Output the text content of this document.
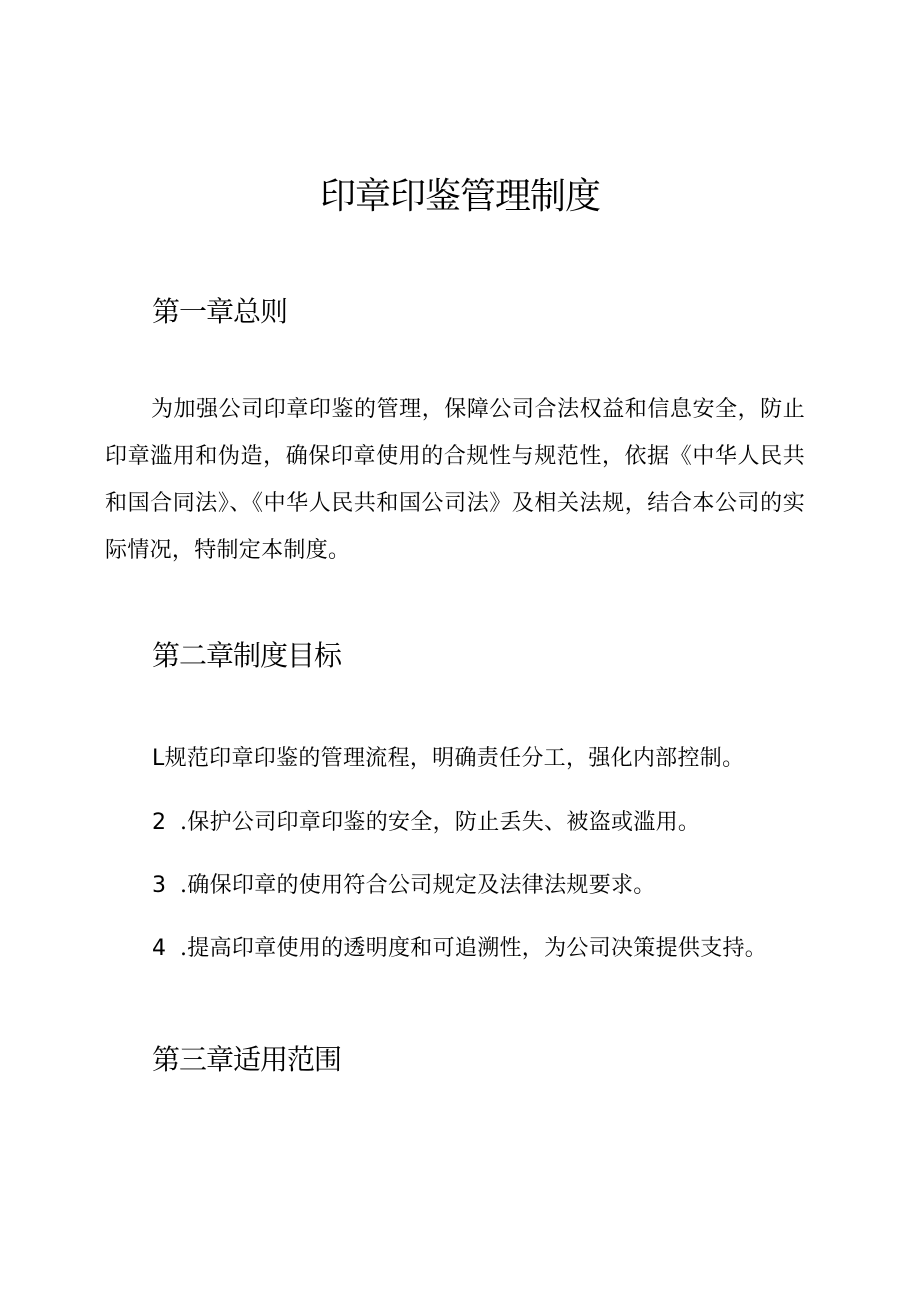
印章印鉴管理制度
第一章总则

为加强公司印章印鉴的管理，保障公司合法权益和信息安全，防止印章滥用和伪造，确保印章使用的合规性与规范性，依据《中华人民共和国合同法》、《中华人民共和国公司法》及相关法规，结合本公司的实际情况，特制定本制度。

第二章制度目标

L规范印章印鉴的管理流程，明确责任分工，强化内部控制。

2 .保护公司印章印鉴的安全，防止丢失、被盗或滥用。

3 .确保印章的使用符合公司规定及法律法规要求。

4 .提高印章使用的透明度和可追溯性，为公司决策提供支持。

第三章适用范围
